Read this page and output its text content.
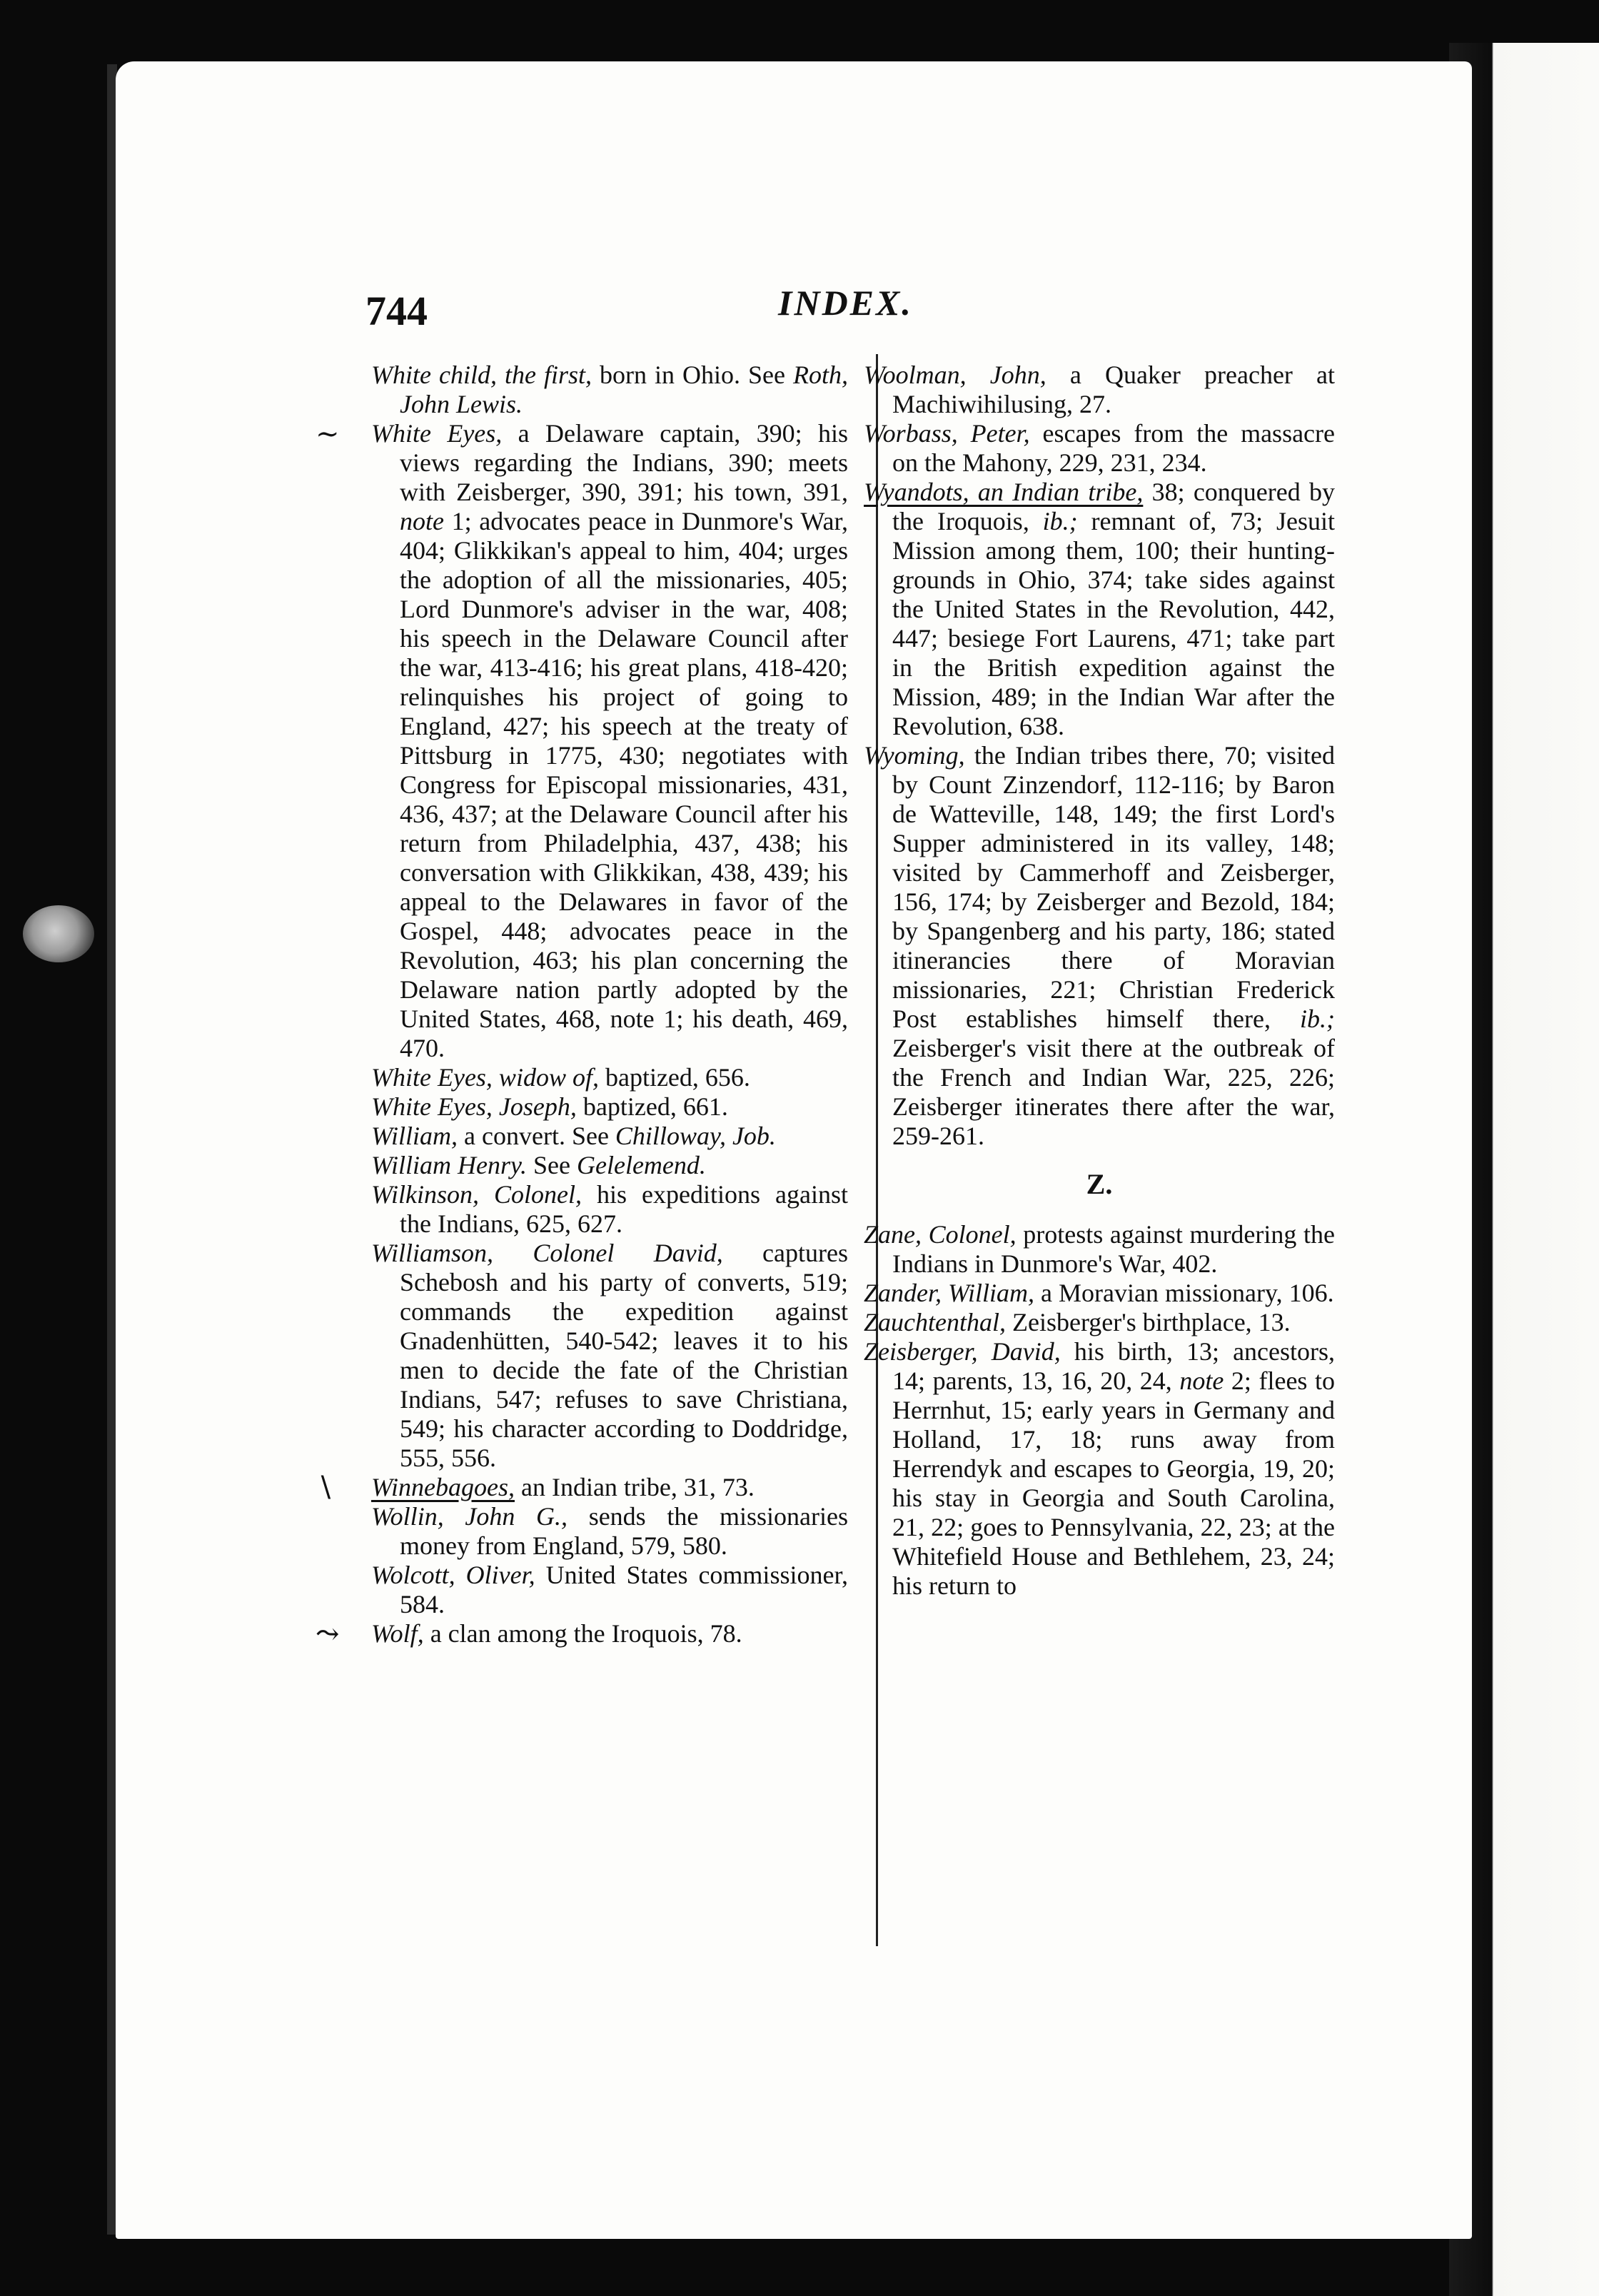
744	INDEX.

White child, the first, born in Ohio. See Roth, John Lewis.

∼ White Eyes, a Delaware captain, 390; his views regarding the Indians, 390; meets with Zeisberger, 390, 391; his town, 391, note 1; advocates peace in Dunmore's War, 404; Glikkikan's appeal to him, 404; urges the adoption of all the missionaries, 405; Lord Dunmore's adviser in the war, 408; his speech in the Delaware Council after the war, 413-416; his great plans, 418-420; relinquishes his project of going to England, 427; his speech at the treaty of Pittsburg in 1775, 430; negotiates with Congress for Episcopal missionaries, 431, 436, 437; at the Delaware Council after his return from Philadelphia, 437, 438; his conversation with Glikkikan, 438, 439; his appeal to the Delawares in favor of the Gospel, 448; advocates peace in the Revolution, 463; his plan concerning the Delaware nation partly adopted by the United States, 468, note 1; his death, 469, 470.

White Eyes, widow of, baptized, 656.

White Eyes, Joseph, baptized, 661.

William, a convert. See Chilloway, Job.

William Henry. See Gelelemend.

Wilkinson, Colonel, his expeditions against the Indians, 625, 627.

Williamson, Colonel David, captures Schebosh and his party of converts, 519; commands the expedition against Gnadenhütten, 540-542; leaves it to his men to decide the fate of the Christian Indians, 547; refuses to save Christiana, 549; his character according to Doddridge, 555, 556.

∖ Winnebagoes, an Indian tribe, 31, 73.

Wollin, John G., sends the missionaries money from England, 579, 580.

Wolcott, Oliver, United States commissioner, 584.

⤳ Wolf, a clan among the Iroquois, 78.

Woolman, John, a Quaker preacher at Machiwihilusing, 27.

Worbass, Peter, escapes from the massacre on the Mahony, 229, 231, 234.

Wyandots, an Indian tribe, 38; conquered by the Iroquois, ib.; remnant of, 73; Jesuit Mission among them, 100; their hunting-grounds in Ohio, 374; take sides against the United States in the Revolution, 442, 447; besiege Fort Laurens, 471; take part in the British expedition against the Mission, 489; in the Indian War after the Revolution, 638.

Wyoming, the Indian tribes there, 70; visited by Count Zinzendorf, 112-116; by Baron de Watteville, 148, 149; the first Lord's Supper administered in its valley, 148; visited by Cammerhoff and Zeisberger, 156, 174; by Zeisberger and Bezold, 184; by Spangenberg and his party, 186; stated itinerancies there of Moravian missionaries, 221; Christian Frederick Post establishes himself there, ib.; Zeisberger's visit there at the outbreak of the French and Indian War, 225, 226; Zeisberger itinerates there after the war, 259-261.

Z.

Zane, Colonel, protests against murdering the Indians in Dunmore's War, 402.

Zander, William, a Moravian missionary, 106.

Zauchtenthal, Zeisberger's birthplace, 13.

Zeisberger, David, his birth, 13; ancestors, 14; parents, 13, 16, 20, 24, note 2; flees to Herrnhut, 15; early years in Germany and Holland, 17, 18; runs away from Herrendyk and escapes to Georgia, 19, 20; his stay in Georgia and South Carolina, 21, 22; goes to Pennsylvania, 22, 23; at the Whitefield House and Bethlehem, 23, 24; his return to
